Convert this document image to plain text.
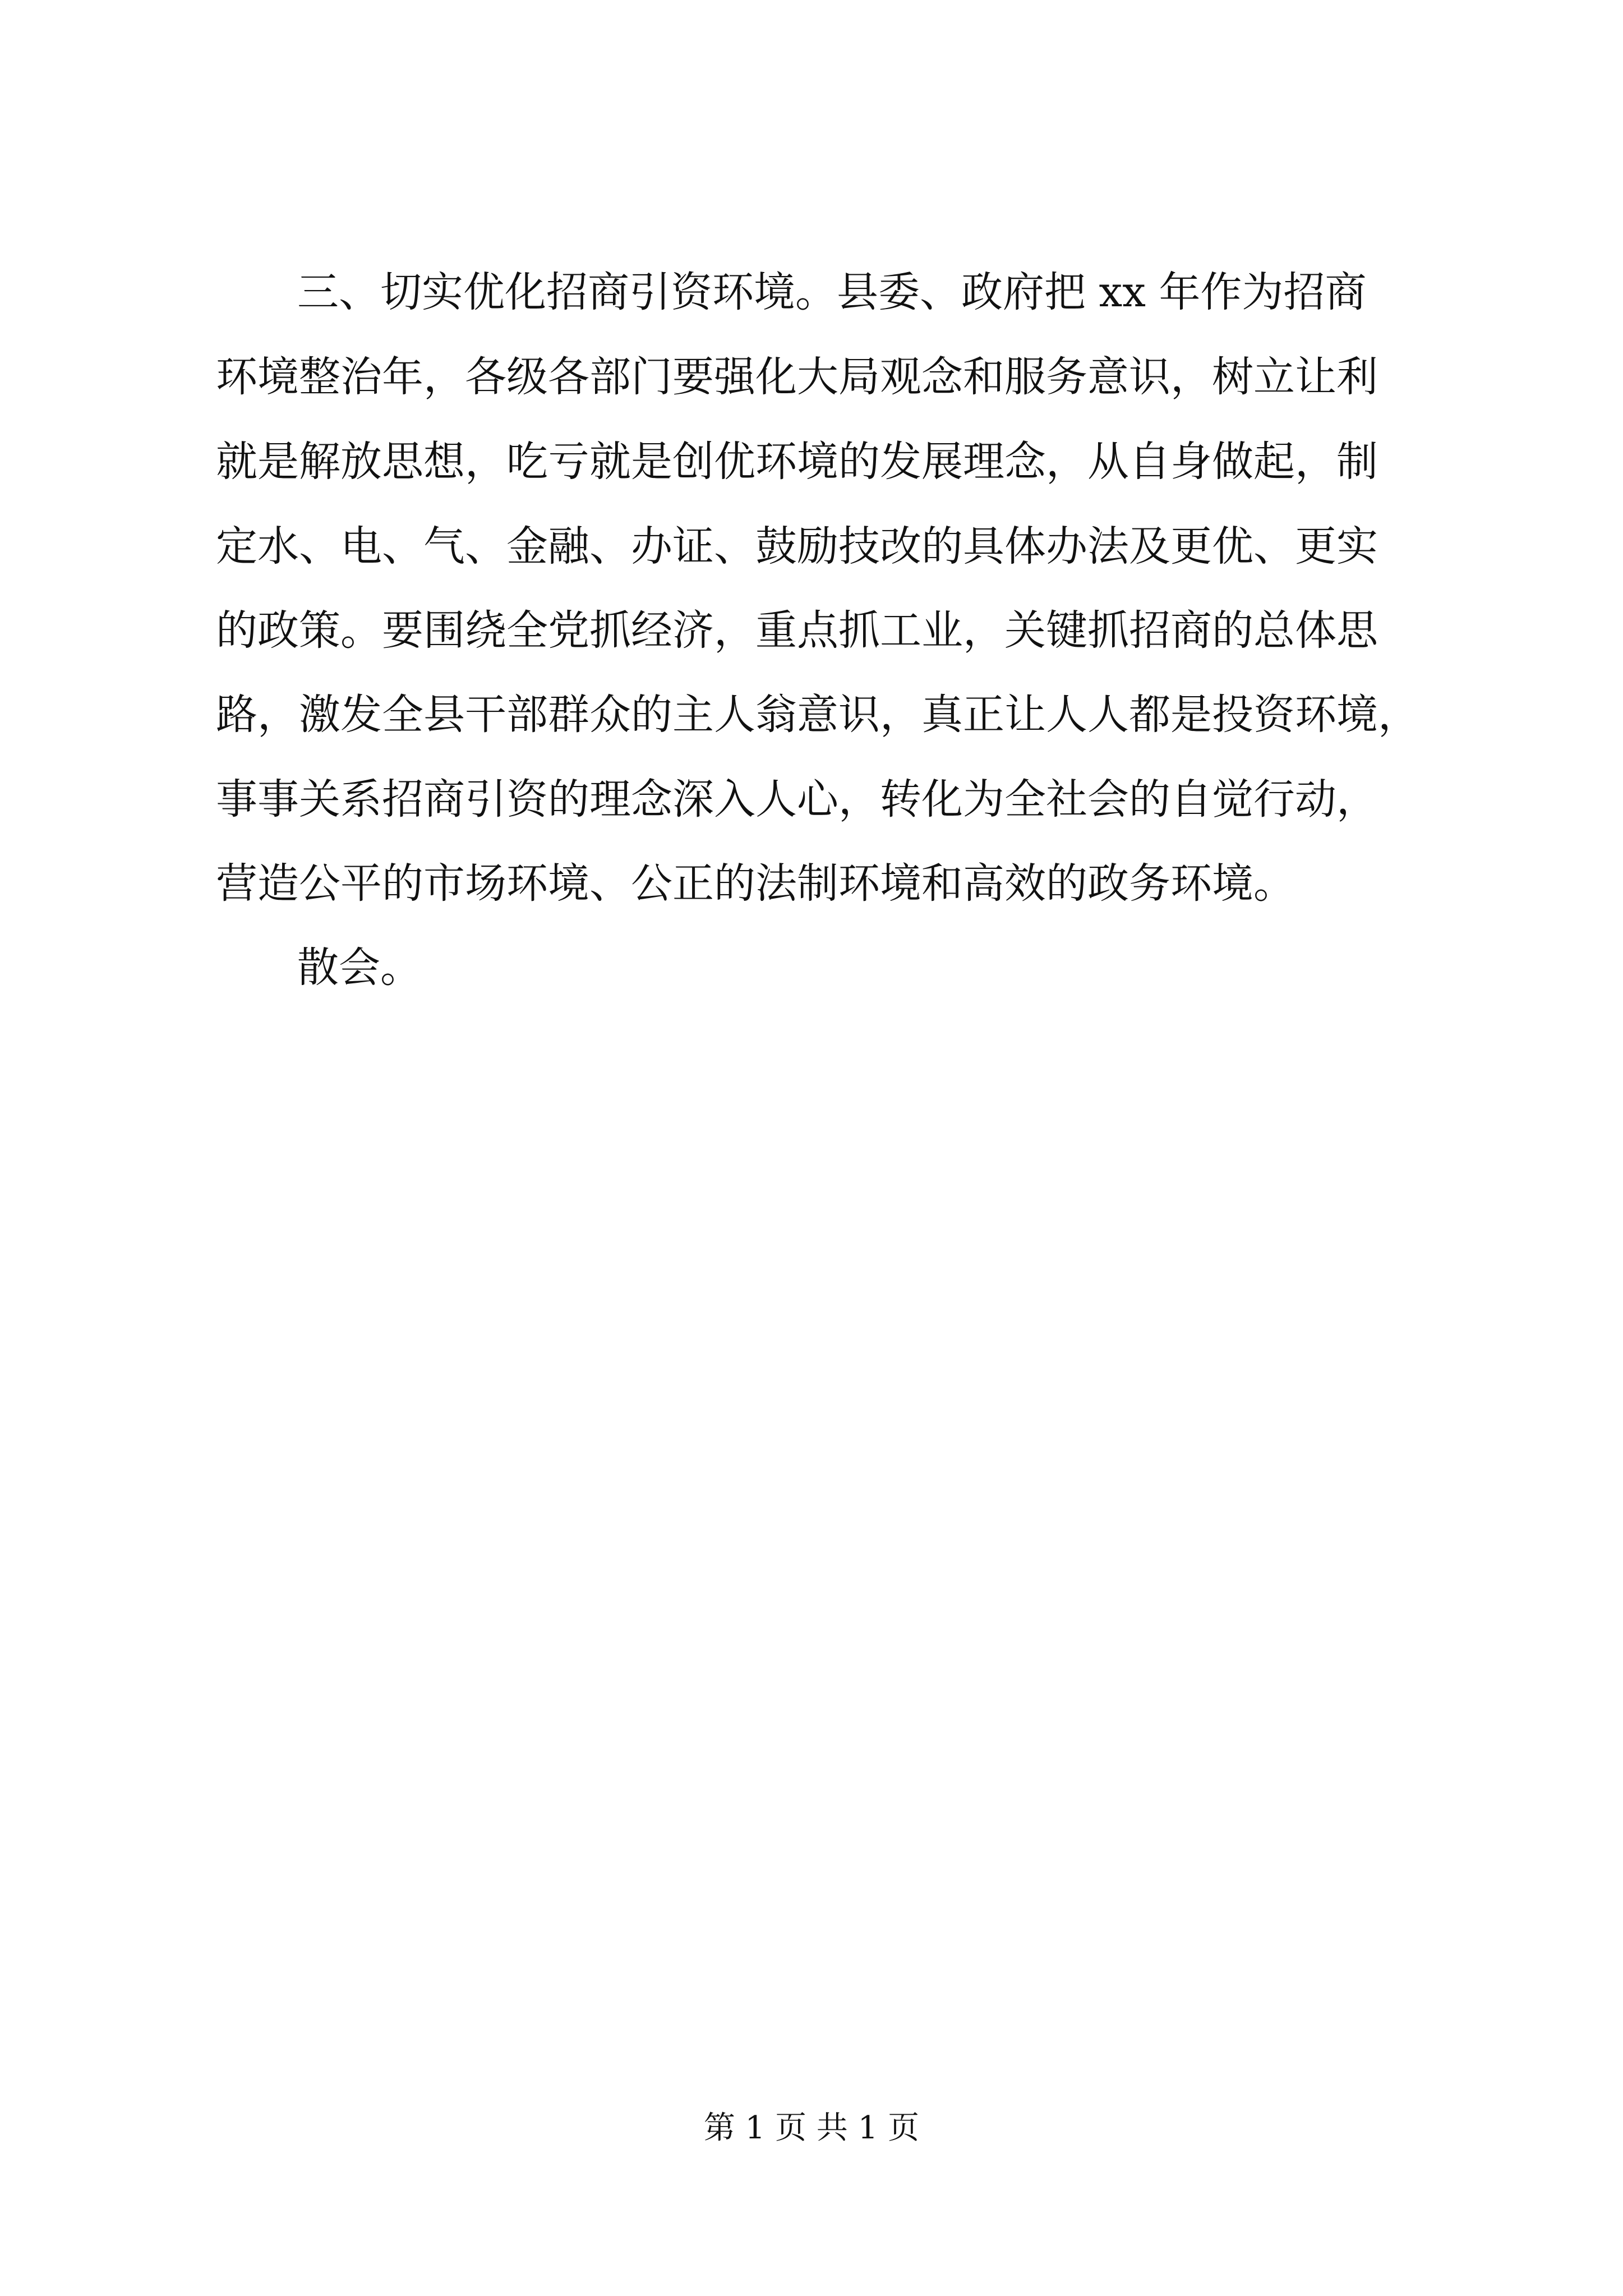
三、切实优化招商引资环境。县委、政府把 xx 年作为招商
环境整治年，各级各部门要强化大局观念和服务意识，树立让利
就是解放思想，吃亏就是创优环境的发展理念，从自身做起，制
定水、电、气、金融、办证、鼓励技改的具体办法及更优、更实
的政策。要围绕全党抓经济，重点抓工业，关键抓招商的总体思
路，激发全县干部群众的主人翁意识，真正让人人都是投资环境，
事事关系招商引资的理念深入人心，转化为全社会的自觉行动，
营造公平的市场环境、公正的法制环境和高效的政务环境。
散会。
第 1 页 共 1 页
